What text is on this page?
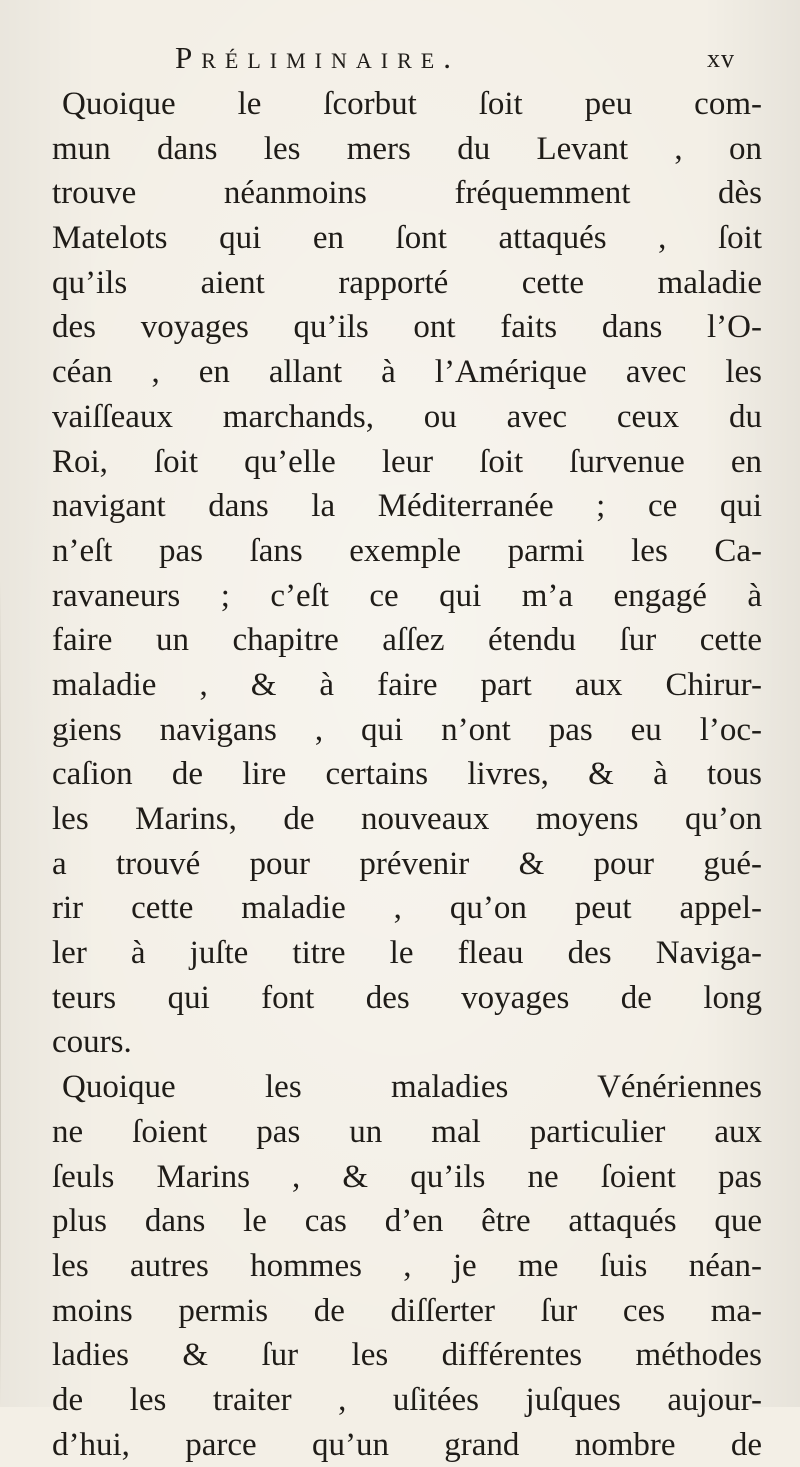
Préliminaire.	xv
Quoique le ſcorbut ſoit peu com-
mun dans les mers du Levant , on
trouve néanmoins fréquemment dès
Matelots qui en ſont attaqués , ſoit
qu’ils aient rapporté cette maladie
des voyages qu’ils ont faits dans l’O-
céan , en allant à l’Amérique avec les
vaiſſeaux marchands, ou avec ceux du
Roi, ſoit qu’elle leur ſoit ſurvenue en
navigant dans la Méditerranée ; ce qui
n’eſt pas ſans exemple parmi les Ca-
ravaneurs ; c’eſt ce qui m’a engagé à
faire un chapitre aſſez étendu ſur cette
maladie , & à faire part aux Chirur-
giens navigans , qui n’ont pas eu l’oc-
caſion de lire certains livres, & à tous
les Marins, de nouveaux moyens qu’on
a trouvé pour prévenir & pour gué-
rir cette maladie , qu’on peut appel-
ler à juſte titre le fleau des Naviga-
teurs qui font des voyages de long
cours.
Quoique les maladies Vénériennes
ne ſoient pas un mal particulier aux
ſeuls Marins , & qu’ils ne ſoient pas
plus dans le cas d’en être attaqués que
les autres hommes , je me ſuis néan-
moins permis de diſſerter ſur ces ma-
ladies & ſur les différentes méthodes
de les traiter , uſitées juſques aujour-
d’hui, parce qu’un grand nombre de
